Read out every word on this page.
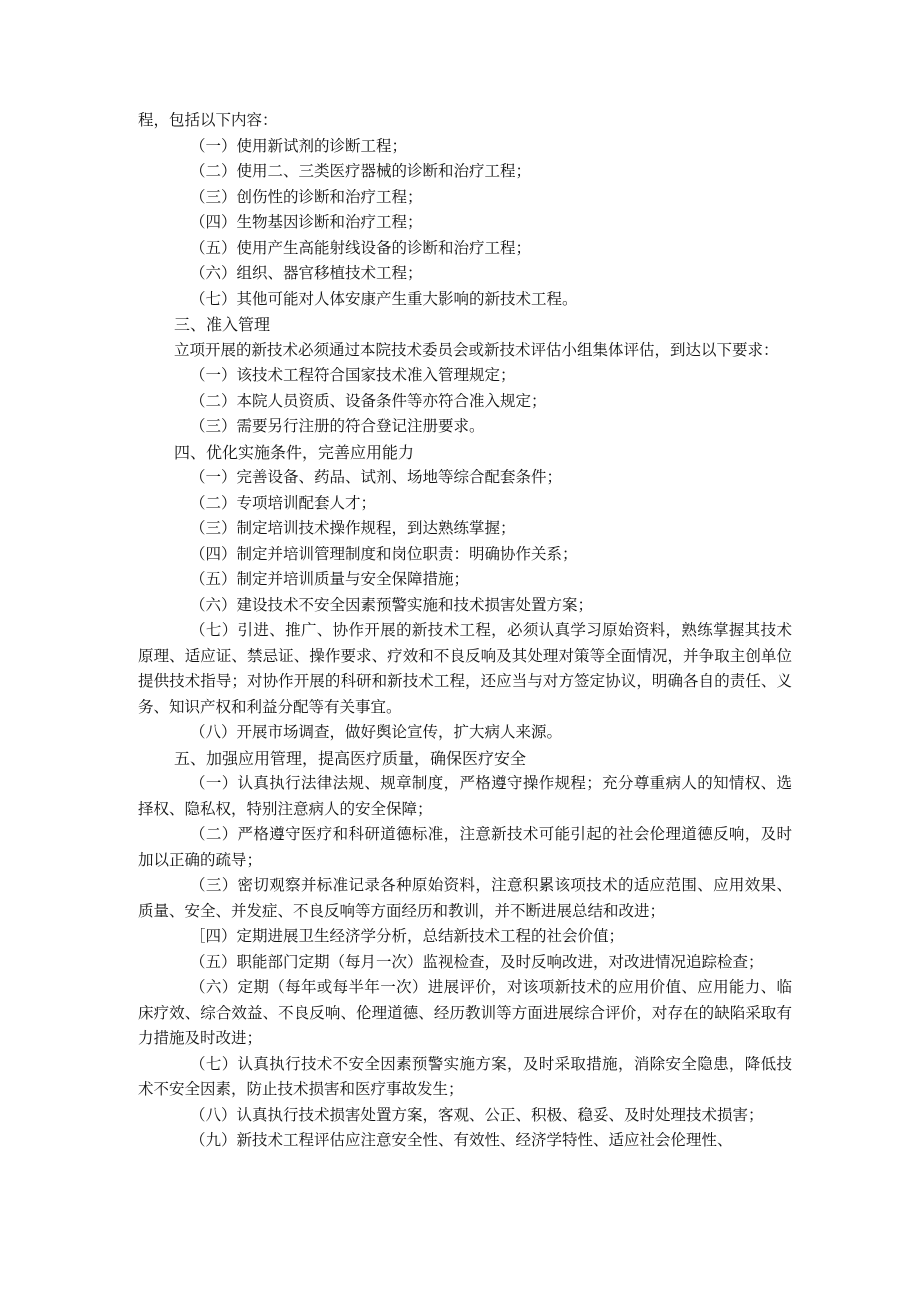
程，包括以下内容：

（一）使用新试剂的诊断工程；

（二）使用二、三类医疗器械的诊断和治疗工程；

（三）创伤性的诊断和治疗工程；

（四）生物基因诊断和治疗工程；

（五）使用产生高能射线设备的诊断和治疗工程；

（六）组织、器官移植技术工程；

（七）其他可能对人体安康产生重大影响的新技术工程。

三、准入管理

立项开展的新技术必须通过本院技术委员会或新技术评估小组集体评估，到达以下要求：

（一）该技术工程符合国家技术准入管理规定；

（二）本院人员资质、设备条件等亦符合准入规定；

（三）需要另行注册的符合登记注册要求。

四、优化实施条件，完善应用能力

（一）完善设备、药品、试剂、场地等综合配套条件；

（二）专项培训配套人才；

（三）制定培训技术操作规程，到达熟练掌握；

（四）制定并培训管理制度和岗位职责：明确协作关系；

（五）制定并培训质量与安全保障措施；

（六）建设技术不安全因素预警实施和技术损害处置方案；

（七）引进、推广、协作开展的新技术工程，必须认真学习原始资料，熟练掌握其技术原理、适应证、禁忌证、操作要求、疗效和不良反响及其处理对策等全面情况，并争取主创单位提供技术指导；对协作开展的科研和新技术工程，还应当与对方签定协议，明确各自的责任、义务、知识产权和利益分配等有关事宜。

（八）开展市场调查，做好舆论宣传，扩大病人来源。

五、加强应用管理，提高医疗质量，确保医疗安全

（一）认真执行法律法规、规章制度，严格遵守操作规程；充分尊重病人的知情权、选择权、隐私权，特别注意病人的安全保障；

（二）严格遵守医疗和科研道德标准，注意新技术可能引起的社会伦理道德反响，及时加以正确的疏导；

（三）密切观察并标准记录各种原始资料，注意积累该项技术的适应范围、应用效果、质量、安全、并发症、不良反响等方面经历和教训，并不断进展总结和改进；

［四）定期进展卫生经济学分析，总结新技术工程的社会价值；

（五）职能部门定期（每月一次）监视检查，及时反响改进，对改进情况追踪检查；

（六）定期（每年或每半年一次）进展评价，对该项新技术的应用价值、应用能力、临床疗效、综合效益、不良反响、伦理道德、经历教训等方面进展综合评价，对存在的缺陷采取有力措施及时改进；

（七）认真执行技术不安全因素预警实施方案，及时采取措施，消除安全隐患，降低技术不安全因素，防止技术损害和医疗事故发生；

（八）认真执行技术损害处置方案，客观、公正、积极、稳妥、及时处理技术损害；

（九）新技术工程评估应注意安全性、有效性、经济学特性、适应社会伦理性、
